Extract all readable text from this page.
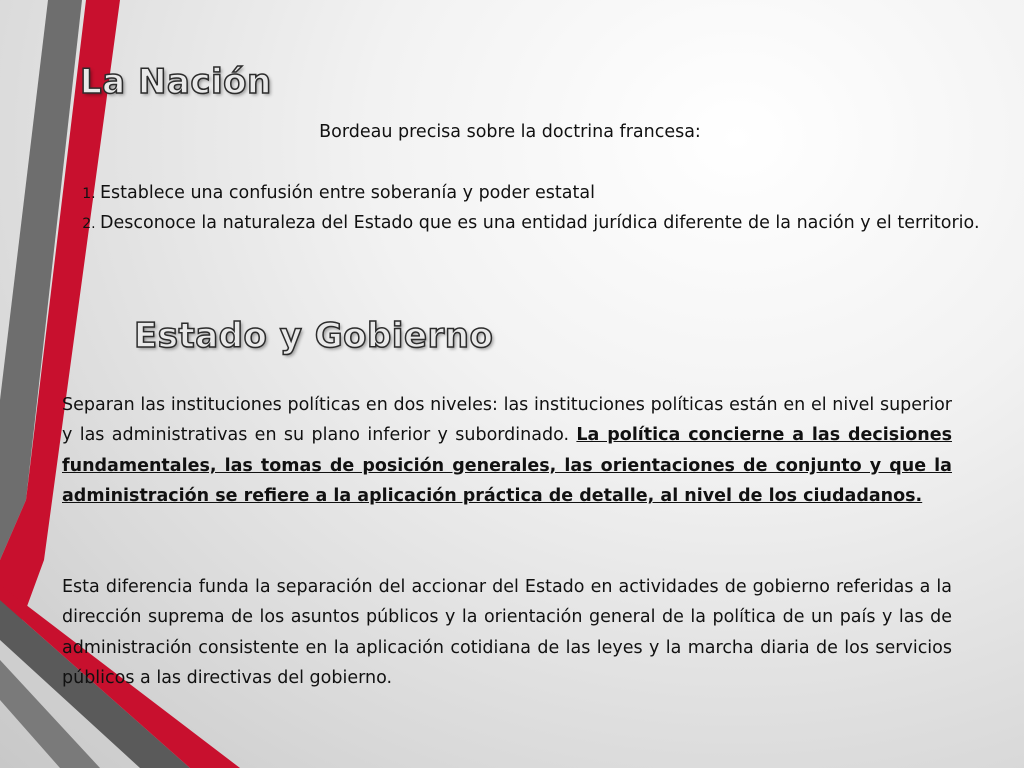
La Nación

Bordeau precisa sobre la doctrina francesa:

1. Establece una confusión entre soberanía y poder estatal
2. Desconoce la naturaleza del Estado que es una entidad jurídica diferente de la nación y el territorio.
Estado y Gobierno

Separan las instituciones políticas en dos niveles: las instituciones políticas están en el nivel superior y las administrativas en su plano inferior y subordinado. La política concierne a las decisiones fundamentales, las tomas de posición generales, las orientaciones de conjunto y que la administración se refiere a la aplicación práctica de detalle, al nivel de los ciudadanos.

Esta diferencia funda la separación del accionar del Estado en actividades de gobierno referidas a la dirección suprema de los asuntos públicos y la orientación general de la política de un país y las de administración consistente en la aplicación cotidiana de las leyes y la marcha diaria de los servicios públicos a las directivas del gobierno.
